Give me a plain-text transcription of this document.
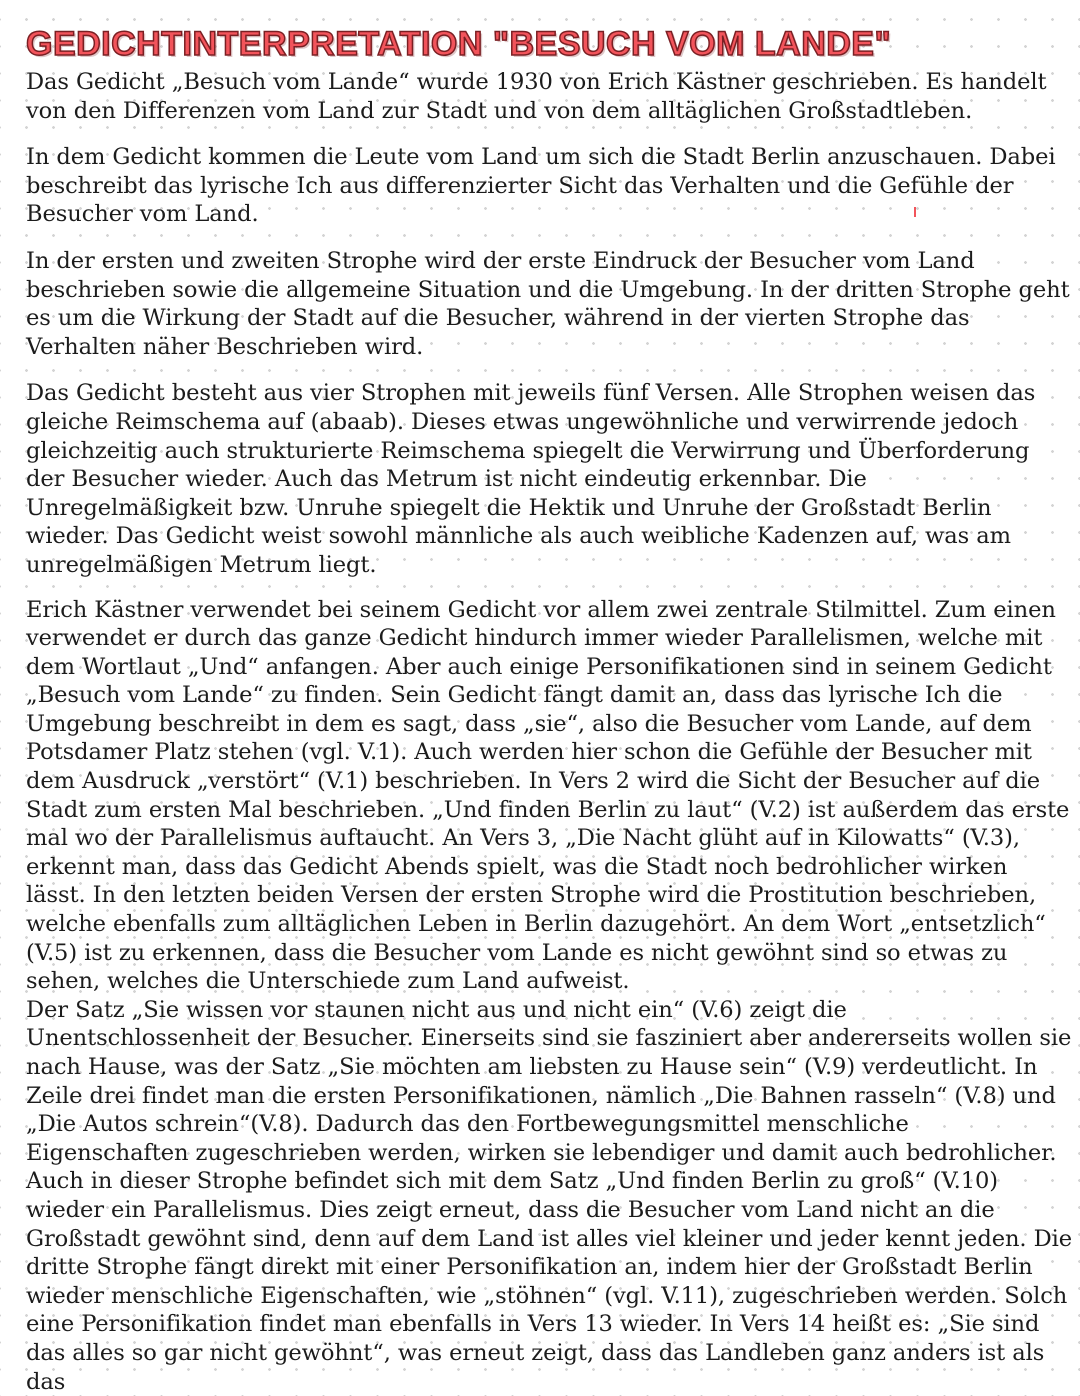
GEDICHTINTERPRETATION "BESUCH VOM LANDE"

Das Gedicht „Besuch vom Lande“ wurde 1930 von Erich Kästner geschrieben. Es handelt von den Differenzen vom Land zur Stadt und von dem alltäglichen Großstadtleben.

In dem Gedicht kommen die Leute vom Land um sich die Stadt Berlin anzuschauen. Dabei beschreibt das lyrische Ich aus differenzierter Sicht das Verhalten und die Gefühle der Besucher vom Land.

In der ersten und zweiten Strophe wird der erste Eindruck der Besucher vom Land beschrieben sowie die allgemeine Situation und die Umgebung. In der dritten Strophe geht es um die Wirkung der Stadt auf die Besucher, während in der vierten Strophe das Verhalten näher Beschrieben wird.

Das Gedicht besteht aus vier Strophen mit jeweils fünf Versen. Alle Strophen weisen das gleiche Reimschema auf (abaab). Dieses etwas ungewöhnliche und verwirrende jedoch gleichzeitig auch strukturierte Reimschema spiegelt die Verwirrung und Überforderung der Besucher wieder. Auch das Metrum ist nicht eindeutig erkennbar. Die Unregelmäßigkeit bzw. Unruhe spiegelt die Hektik und Unruhe der Großstadt Berlin wieder. Das Gedicht weist sowohl männliche als auch weibliche Kadenzen auf, was am unregelmäßigen Metrum liegt.

Erich Kästner verwendet bei seinem Gedicht vor allem zwei zentrale Stilmittel. Zum einen verwendet er durch das ganze Gedicht hindurch immer wieder Parallelismen, welche mit dem Wortlaut „Und“ anfangen. Aber auch einige Personifikationen sind in seinem Gedicht „Besuch vom Lande“ zu finden. Sein Gedicht fängt damit an, dass das lyrische Ich die Umgebung beschreibt in dem es sagt, dass „sie“, also die Besucher vom Lande, auf dem Potsdamer Platz stehen (vgl. V.1). Auch werden hier schon die Gefühle der Besucher mit dem Ausdruck „verstört“ (V.1) beschrieben. In Vers 2 wird die Sicht der Besucher auf die Stadt zum ersten Mal beschrieben. „Und finden Berlin zu laut“ (V.2) ist außerdem das erste mal wo der Parallelismus auftaucht. An Vers 3, „Die Nacht glüht auf in Kilowatts“ (V.3), erkennt man, dass das Gedicht Abends spielt, was die Stadt noch bedrohlicher wirken lässt. In den letzten beiden Versen der ersten Strophe wird die Prostitution beschrieben, welche ebenfalls zum alltäglichen Leben in Berlin dazugehört. An dem Wort „entsetzlich“ (V.5) ist zu erkennen, dass die Besucher vom Lande es nicht gewöhnt sind so etwas zu sehen, welches die Unterschiede zum Land aufweist.

Der Satz „Sie wissen vor staunen nicht aus und nicht ein“ (V.6) zeigt die Unentschlossenheit der Besucher. Einerseits sind sie fasziniert aber andererseits wollen sie nach Hause, was der Satz „Sie möchten am liebsten zu Hause sein“ (V.9) verdeutlicht. In Zeile drei findet man die ersten Personifikationen, nämlich „Die Bahnen rasseln“ (V.8) und „Die Autos schrein“(V.8). Dadurch das den Fortbewegungsmittel menschliche Eigenschaften zugeschrieben werden, wirken sie lebendiger und damit auch bedrohlicher. Auch in dieser Strophe befindet sich mit dem Satz „Und finden Berlin zu groß“ (V.10) wieder ein Parallelismus. Dies zeigt erneut, dass die Besucher vom Land nicht an die Großstadt gewöhnt sind, denn auf dem Land ist alles viel kleiner und jeder kennt jeden. Die dritte Strophe fängt direkt mit einer Personifikation an, indem hier der Großstadt Berlin wieder menschliche Eigenschaften, wie „stöhnen“ (vgl. V.11), zugeschrieben werden. Solch eine Personifikation findet man ebenfalls in Vers 13 wieder. In Vers 14 heißt es: „Sie sind das alles so gar nicht gewöhnt“, was erneut zeigt, dass das Landleben ganz anders ist als das
